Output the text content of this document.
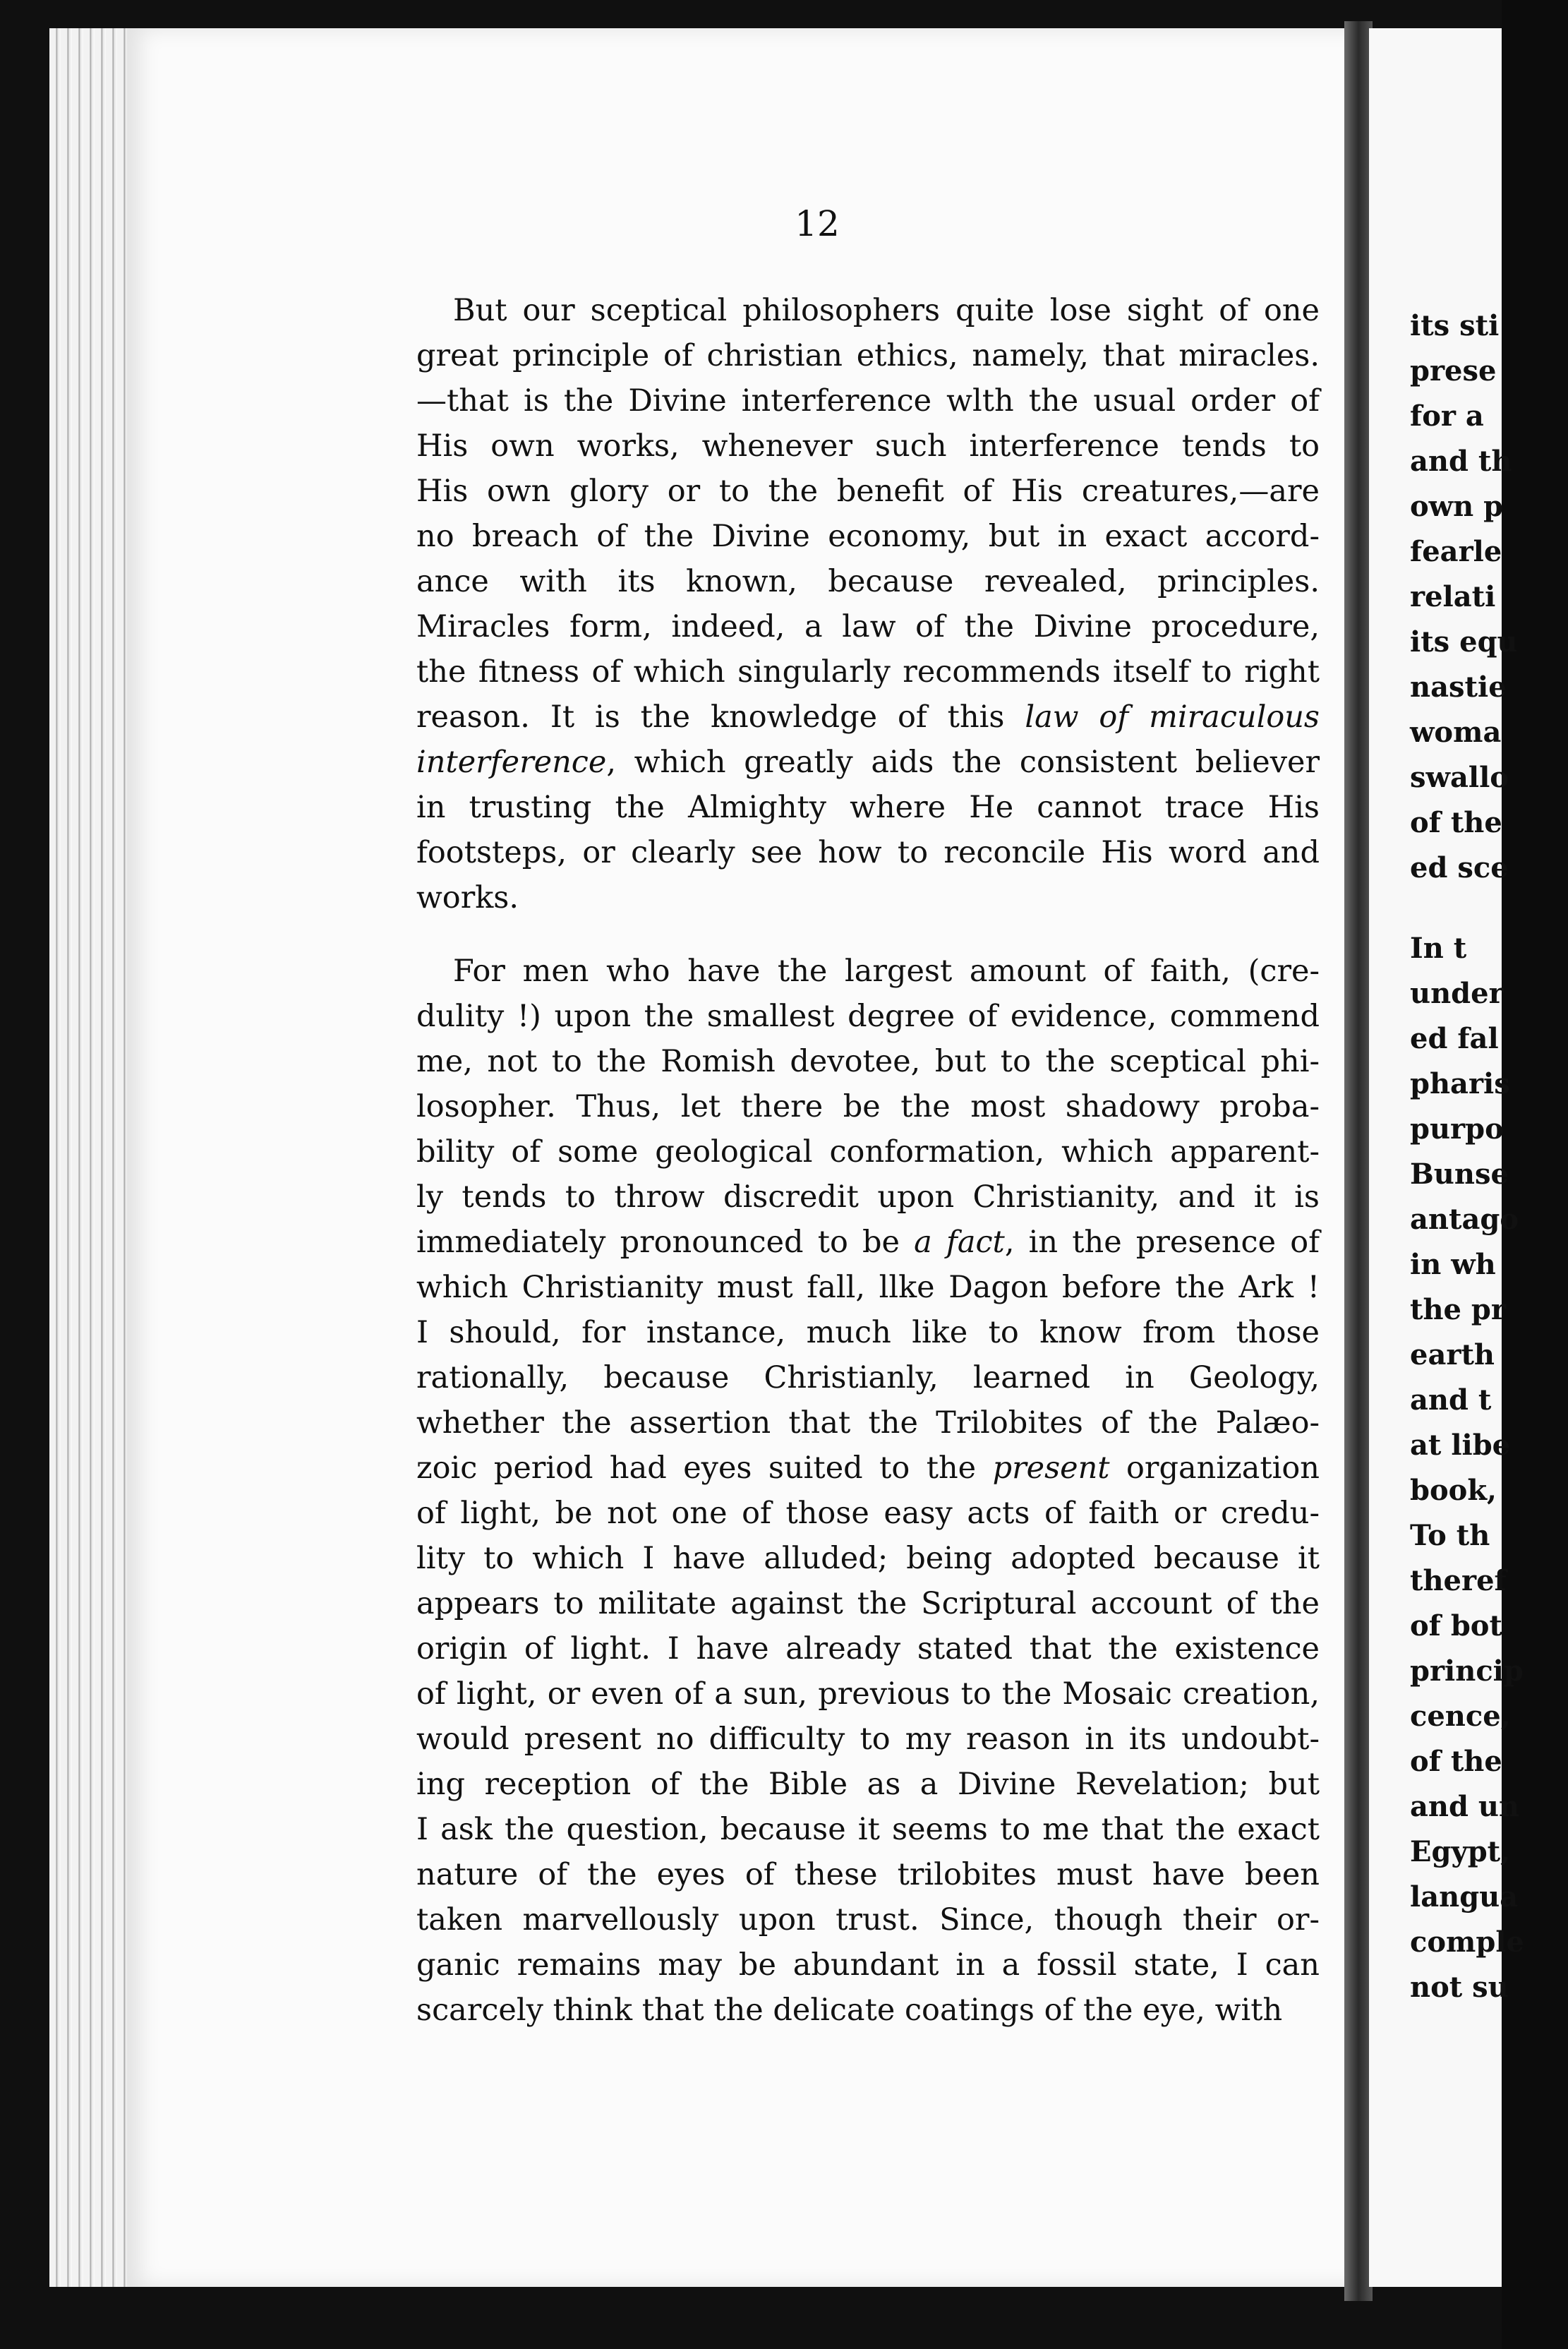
its sti
prese
for a
and th
own p
fearle
relati
its equ
nastie
woma
swallo
of the
ed sce
In t
under
ed fal
pharis
purpo
Bunse
antago
in wh
the pr
earth
and t
at libe
book,
To th
theref
of bot
princip
cence,
of the
and un
Egypt,
langua
comple
not su
12
But our sceptical philosophers quite lose sight of one
great principle of christian ethics, namely, that miracles.
—that is the Divine interference wlth the usual order of
His own works, whenever such interference tends to
His own glory or to the benefit of His creatures,—are
no breach of the Divine economy, but in exact accord-
ance with its known, because revealed, principles.
Miracles form, indeed, a law of the Divine procedure,
the fitness of which singularly recommends itself to right
reason. It is the knowledge of this law of miraculous
interference, which greatly aids the consistent believer
in trusting the Almighty where He cannot trace His
footsteps, or clearly see how to reconcile His word and
works.
For men who have the largest amount of faith, (cre-
dulity !) upon the smallest degree of evidence, commend
me, not to the Romish devotee, but to the sceptical phi-
losopher. Thus, let there be the most shadowy proba-
bility of some geological conformation, which apparent-
ly tends to throw discredit upon Christianity, and it is
immediately pronounced to be a fact, in the presence of
which Christianity must fall, llke Dagon before the Ark !
I should, for instance, much like to know from those
rationally, because Christianly, learned in Geology,
whether the assertion that the Trilobites of the Palæo-
zoic period had eyes suited to the present organization
of light, be not one of those easy acts of faith or credu-
lity to which I have alluded; being adopted because it
appears to militate against the Scriptural account of the
origin of light. I have already stated that the existence
of light, or even of a sun, previous to the Mosaic creation,
would present no difficulty to my reason in its undoubt-
ing reception of the Bible as a Divine Revelation; but
I ask the question, because it seems to me that the exact
nature of the eyes of these trilobites must have been
taken marvellously upon trust. Since, though their or-
ganic remains may be abundant in a fossil state, I can
scarcely think that the delicate coatings of the eye, with
